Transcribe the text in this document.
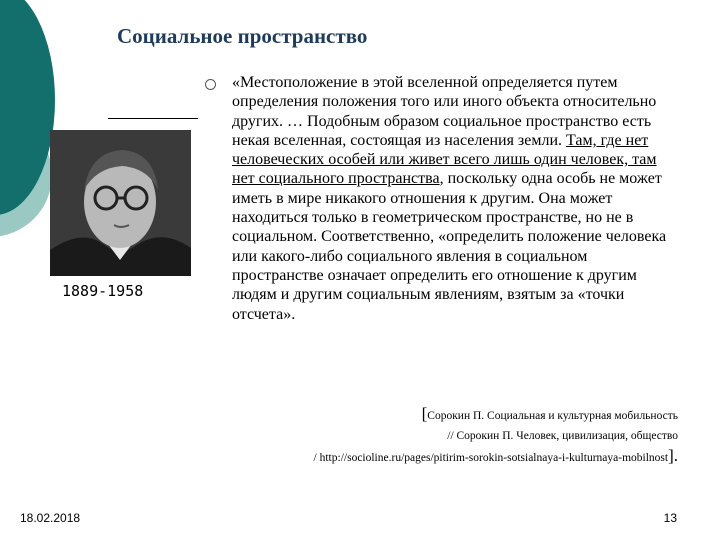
Социальное пространство
1889-1958
«Местоположение в этой вселенной определяется путем определения положения того или иного объекта относительно других. … Подобным образом социальное пространство есть некая вселенная, состоящая из населения земли. Там, где нет человеческих особей или живет всего лишь один человек, там нет социального пространства, поскольку одна особь не может иметь в мире никакого отношения к другим. Она может находиться только в геометрическом пространстве, но не в социальном. Соответственно, «определить положение человека или какого-либо социального явления в социальном пространстве означает определить его отношение к другим людям и другим социальным явлениям, взятым за «точки отсчета».
[Сорокин П. Социальная и культурная мобильность
// Сорокин П. Человек, цивилизация, общество
/ http://socioline.ru/pages/pitirim-sorokin-sotsialnaya-i-kulturnaya-mobilnost].
18.02.2018	13
